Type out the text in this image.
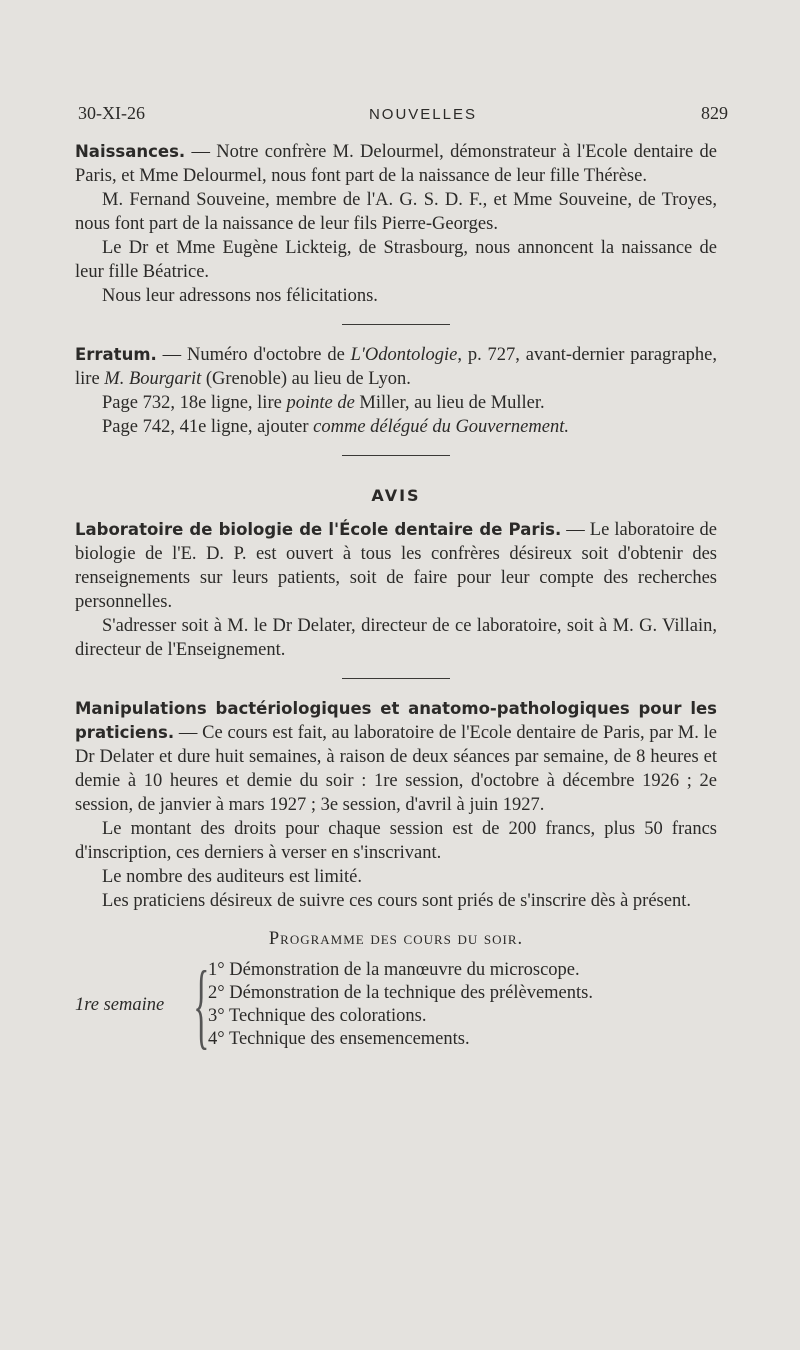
30-XI-26	NOUVELLES	829

Naissances. — Notre confrère M. Delourmel, démonstrateur à l'Ecole dentaire de Paris, et Mme Delourmel, nous font part de la naissance de leur fille Thérèse.

M. Fernand Souveine, membre de l'A. G. S. D. F., et Mme Souveine, de Troyes, nous font part de la naissance de leur fils Pierre-Georges.

Le Dr et Mme Eugène Lickteig, de Strasbourg, nous annoncent la naissance de leur fille Béatrice.

Nous leur adressons nos félicitations.

Erratum. — Numéro d'octobre de L'Odontologie, p. 727, avant-dernier paragraphe, lire M. Bourgarit (Grenoble) au lieu de Lyon.

Page 732, 18e ligne, lire pointe de Miller, au lieu de Muller.

Page 742, 41e ligne, ajouter comme délégué du Gouvernement.

AVIS

Laboratoire de biologie de l'École dentaire de Paris. — Le laboratoire de biologie de l'E. D. P. est ouvert à tous les confrères désireux soit d'obtenir des renseignements sur leurs patients, soit de faire pour leur compte des recherches personnelles.

S'adresser soit à M. le Dr Delater, directeur de ce laboratoire, soit à M. G. Villain, directeur de l'Enseignement.

Manipulations bactériologiques et anatomo-pathologiques pour les praticiens. — Ce cours est fait, au laboratoire de l'Ecole dentaire de Paris, par M. le Dr Delater et dure huit semaines, à raison de deux séances par semaine, de 8 heures et demie à 10 heures et demie du soir : 1re session, d'octobre à décembre 1926 ; 2e session, de janvier à mars 1927 ; 3e session, d'avril à juin 1927.

Le montant des droits pour chaque session est de 200 francs, plus 50 francs d'inscription, ces derniers à verser en s'inscrivant.

Le nombre des auditeurs est limité.

Les praticiens désireux de suivre ces cours sont priés de s'inscrire dès à présent.

Programme des cours du soir.
1re semaine {
1° Démonstration de la manœuvre du microscope.
2° Démonstration de la technique des prélèvements.
3° Technique des colorations.
4° Technique des ensemencements.
